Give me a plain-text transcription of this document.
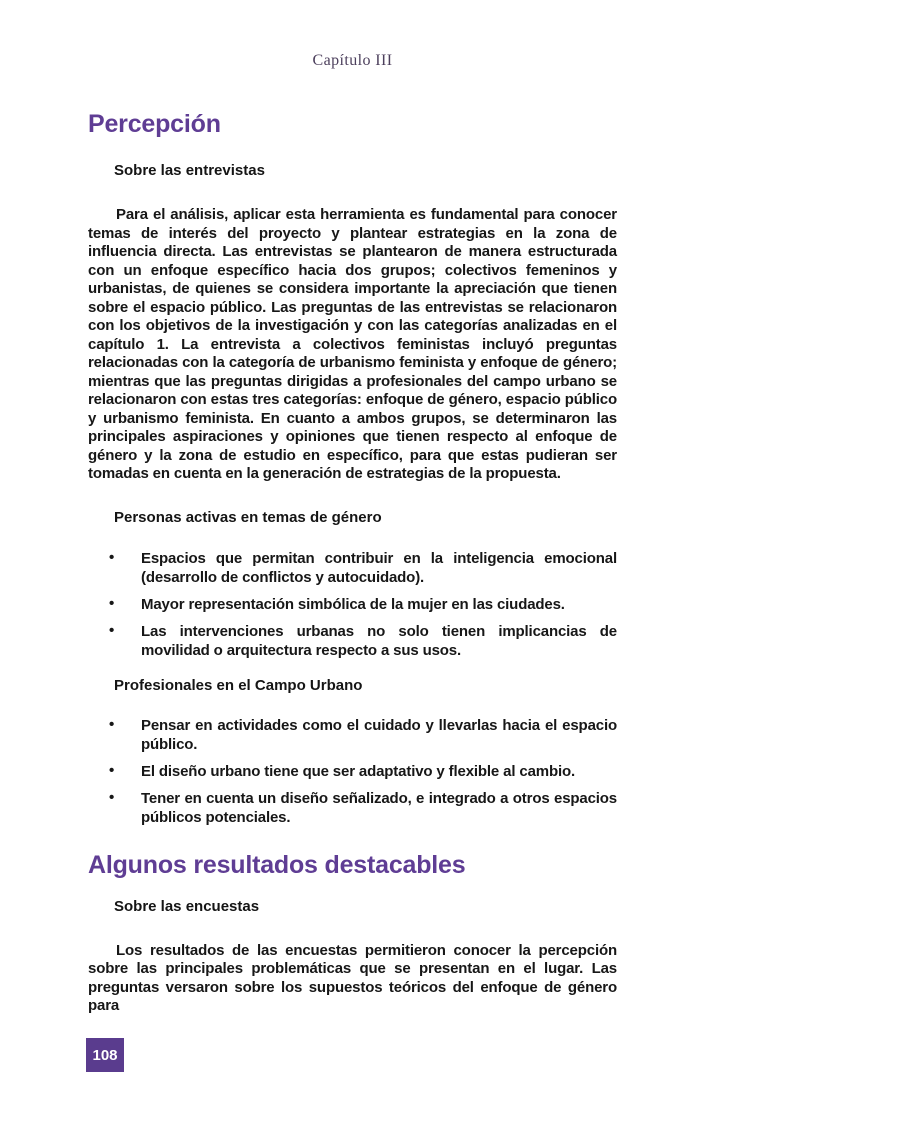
Capítulo III
Percepción
Sobre las entrevistas

Para el análisis, aplicar esta herramienta es fundamental para conocer temas de interés del proyecto y plantear estrategias en la zona de influencia directa. Las entrevistas se plantearon de manera estructurada con un enfoque específico hacia dos grupos; colectivos femeninos y urbanistas, de quienes se considera importante la apreciación que tienen sobre el espacio público. Las preguntas de las entrevistas se relacionaron con los objetivos de la investigación y con las categorías analizadas en el capítulo 1. La entrevista a colectivos feministas incluyó preguntas relacionadas con la categoría de urbanismo feminista y enfoque de género; mientras que las preguntas dirigidas a profesionales del campo urbano se relacionaron con estas tres categorías: enfoque de género, espacio público y urbanismo feminista. En cuanto a ambos grupos, se determinaron las principales aspiraciones y opiniones que tienen respecto al enfoque de género y la zona de estudio en específico, para que estas pudieran ser tomadas en cuenta en la generación de estrategias de la propuesta.

Personas activas en temas de género
• Espacios que permitan contribuir en la inteligencia emocional (desarrollo de conflictos y autocuidado).
• Mayor representación simbólica de la mujer en las ciudades.
• Las intervenciones urbanas no solo tienen implicancias de movilidad o arquitectura respecto a sus usos.
Profesionales en el Campo Urbano
• Pensar en actividades como el cuidado y llevarlas hacia el espacio público.
• El diseño urbano tiene que ser adaptativo y flexible al cambio.
• Tener en cuenta un diseño señalizado, e integrado a otros espacios públicos potenciales.
Algunos resultados destacables
Sobre las encuestas

Los resultados de las encuestas permitieron conocer la percepción sobre las principales problemáticas que se presentan en el lugar. Las preguntas versaron sobre los supuestos teóricos del enfoque de género para

108
